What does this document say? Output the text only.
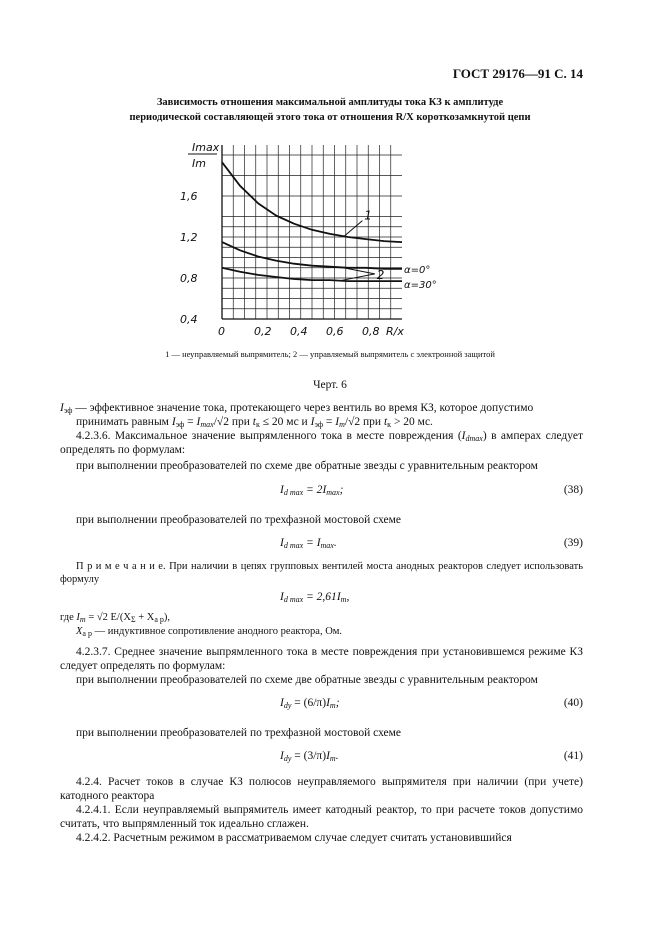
ГОСТ 29176—91 С. 14
Зависимость отношения максимальной амплитуды тока КЗ к амплитуде
периодической составляющей этого тока от отношения R/X короткозамкнутой цепи
Imax
Im
1,6
1,2
0,8
0,4
0	0,2 0,4 0,6 0,8 R/x
1
2 α=0°
α=30°
1 — неуправляемый выпрямитель; 2 — управляемый выпрямитель с электронной защитой
Черт. 6
$I_{эф}$ — эффективное значение тока, протекающего через вентиль во время КЗ, которое допустимо
принимать равным $I_{эф} = I_{max}/√2$ при $t_к \le 20$ мс и $I_{эф} = I_m/√2$ при $t_к > 20$ мс.
4.2.3.6. Максимальное значение выпрямленного тока в месте повреждения $(I_{dmax})$ в амперах следует определять по формулам:
при выполнении преобразователей по схеме две обратные звезды с уравнительным реактором
$I_{d max} = 2I_{max}$;	(38)
при выполнении преобразователей по трехфазной мостовой схеме
$I_{d max} = I_{max}$.	(39)
П р и м е ч а н и е. При наличии в цепях групповых вентилей моста анодных реакторов следует использовать формулу
$I_{d max} = 2,61I_m$,
где $I_m = √2$ $E/(X_\Sigma + X_{а р})$,
$X_{а р}$ — индуктивное сопротивление анодного реактора, Ом.
4.2.3.7. Среднее значение выпрямленного тока в месте повреждения при установившемся режиме КЗ следует определять по формулам:
при выполнении преобразователей по схеме две обратные звезды с уравнительным реактором
$I_{dy} = (6/\pi)I_m$;	(40)
при выполнении преобразователей по трехфазной мостовой схеме
$I_{dy} = (3/\pi)I_m$.	(41)
4.2.4. Расчет токов в случае КЗ полюсов неуправляемого выпрямителя при наличии (при учете) катодного реактора
4.2.4.1. Если неуправляемый выпрямитель имеет катодный реактор, то при расчете токов допустимо считать, что выпрямленный ток идеально сглажен.
4.2.4.2. Расчетным режимом в рассматриваемом случае следует считать установившийся
